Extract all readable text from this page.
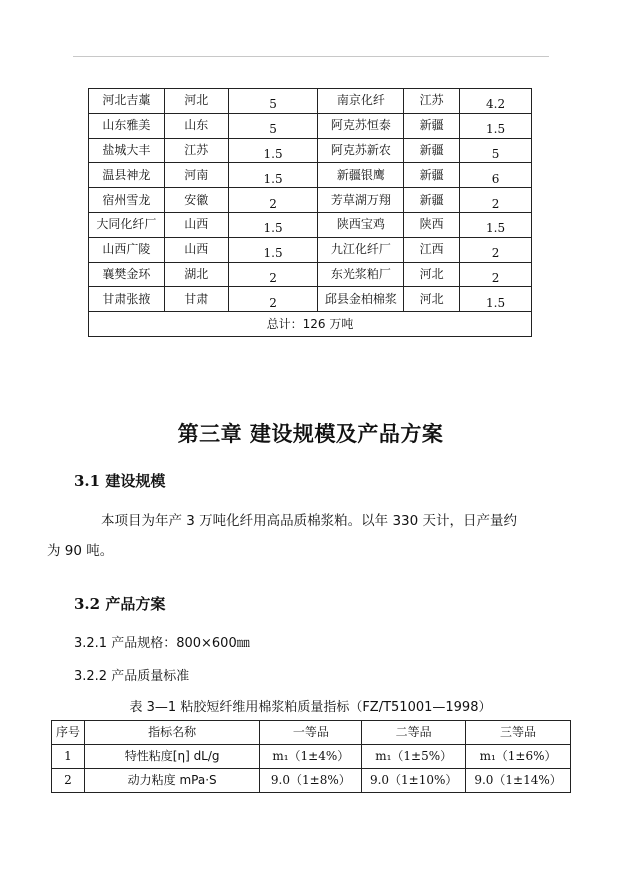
河北吉藁	河北	5	南京化纤	江苏	4.2
山东雅美	山东	5	阿克苏恒泰	新疆	1.5
盐城大丰	江苏	1.5	阿克苏新农	新疆	5
温县神龙	河南	1.5	新疆银鹰	新疆	6
宿州雪龙	安徽	2	芳草湖万翔	新疆	2
大同化纤厂	山西	1.5	陕西宝鸡	陕西	1.5
山西广陵	山西	1.5	九江化纤厂	江西	2
襄樊金环	湖北	2	东光浆粕厂	河北	2
甘肃张掖	甘肃	2	邱县金柏棉浆	河北	1.5
总计：126 万吨					
第三章 建设规模及产品方案
3.1 建设规模
本项目为年产 3 万吨化纤用高品质棉浆粕。以年 330 天计，日产量约
为 90 吨。
3.2 产品方案
3.2.1 产品规格：800×600㎜
3.2.2 产品质量标准
表 3—1 粘胶短纤维用棉浆粕质量指标（FZ/T51001—1998）
序号	指标名称	一等品	二等品	三等品
1	特性粘度[η] dL/g	m₁（1±4%）	m₁（1±5%）	m₁（1±6%）
2	动力粘度 mPa·S	9.0（1±8%）	9.0（1±10%）	9.0（1±14%）
